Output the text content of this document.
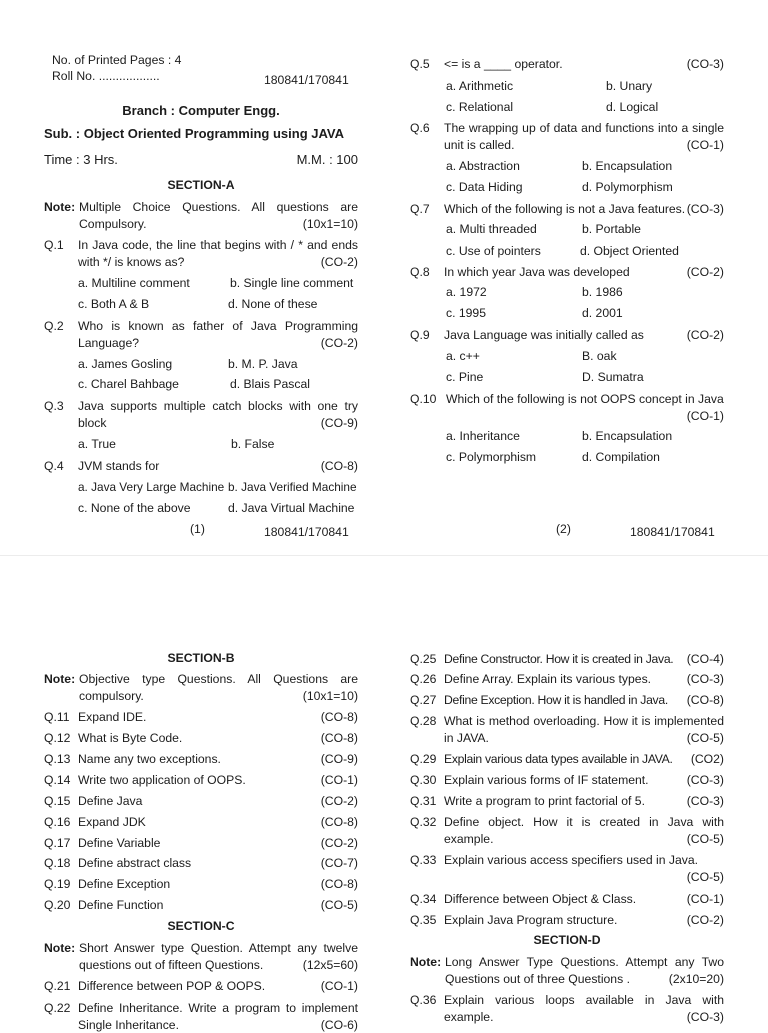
No. of Printed Pages : 4
Roll No. ..................	180841/170841
Branch : Computer Engg.
Sub. : Object Oriented Programming using JAVA
Time : 3 Hrs.	M.M. : 100
SECTION-A
Note: Multiple Choice Questions. All questions are Compulsory.	(10x1=10)
Q.1 In Java code, the line that begins with / * and ends with */ is knows as?	(CO-2)
a. Multiline comment	b. Single line comment
c. Both A & B	d. None of these
Q.2 Who is known as father of Java Programming Language?	(CO-2)
a. James Gosling	b. M. P. Java
c. Charel Bahbage	d. Blais Pascal
Q.3 Java supports multiple catch blocks with one try block	(CO-9)
a. True	b. False
Q.4 JVM stands for	(CO-8)
a. Java Very Large Machine b. Java Verified Machine
c. None of the above	d. Java Virtual Machine
(1)	180841/170841
Q.5 <= is a ____ operator.	(CO-3)
a. Arithmetic	b. Unary
c. Relational	d. Logical
Q.6 The wrapping up of data and functions into a single unit is called.	(CO-1)
a. Abstraction	b. Encapsulation
c. Data Hiding	d. Polymorphism
Q.7 Which of the following is not a Java features. (CO-3)
a. Multi threaded	b. Portable
c. Use of pointers	d. Object Oriented
Q.8 In which year Java was developed	(CO-2)
a. 1972	b. 1986
c. 1995	d. 2001
Q.9 Java Language was initially called as	(CO-2)
a. c++	B. oak
c. Pine	D. Sumatra
Q.10 Which of the following is not OOPS concept in Java
(CO-1)
a. Inheritance	b. Encapsulation
c. Polymorphism	d. Compilation
(2)	180841/170841
SECTION-B
Note: Objective type Questions. All Questions are compulsory.	(10x1=10)
Q.11 Expand IDE.	(CO-8)
Q.12 What is Byte Code.	(CO-8)
Q.13 Name any two exceptions.	(CO-9)
Q.14 Write two application of OOPS.	(CO-1)
Q.15 Define Java	(CO-2)
Q.16 Expand JDK	(CO-8)
Q.17 Define Variable	(CO-2)
Q.18 Define abstract class	(CO-7)
Q.19 Define Exception	(CO-8)
Q.20 Define Function	(CO-5)
SECTION-C
Note: Short Answer type Question. Attempt any twelve questions out of fifteen Questions.	(12x5=60)
Q.21 Difference between POP & OOPS.	(CO-1)
Q.22 Define Inheritance. Write a program to implement Single Inheritance.	(CO-6)
Q.25 Define Constructor. How it is created in Java. (CO-4)
Q.26 Define Array. Explain its various types.	(CO-3)
Q.27 Define Exception. How it is handled in Java. (CO-8)
Q.28 What is method overloading. How it is implemented in JAVA.	(CO-5)
Q.29 Explain various data types available in JAVA. (CO2)
Q.30 Explain various forms of IF statement.	(CO-3)
Q.31 Write a program to print factorial of 5.	(CO-3)
Q.32 Define object. How it is created in Java with example.	(CO-5)
Q.33 Explain various access specifiers used in Java.
(CO-5)
Q.34 Difference between Object & Class.	(CO-1)
Q.35 Explain Java Program structure.	(CO-2)
SECTION-D
Note: Long Answer Type Questions. Attempt any Two Questions out of three Questions .	(2x10=20)
Q.36 Explain various loops available in Java with example.	(CO-3)
